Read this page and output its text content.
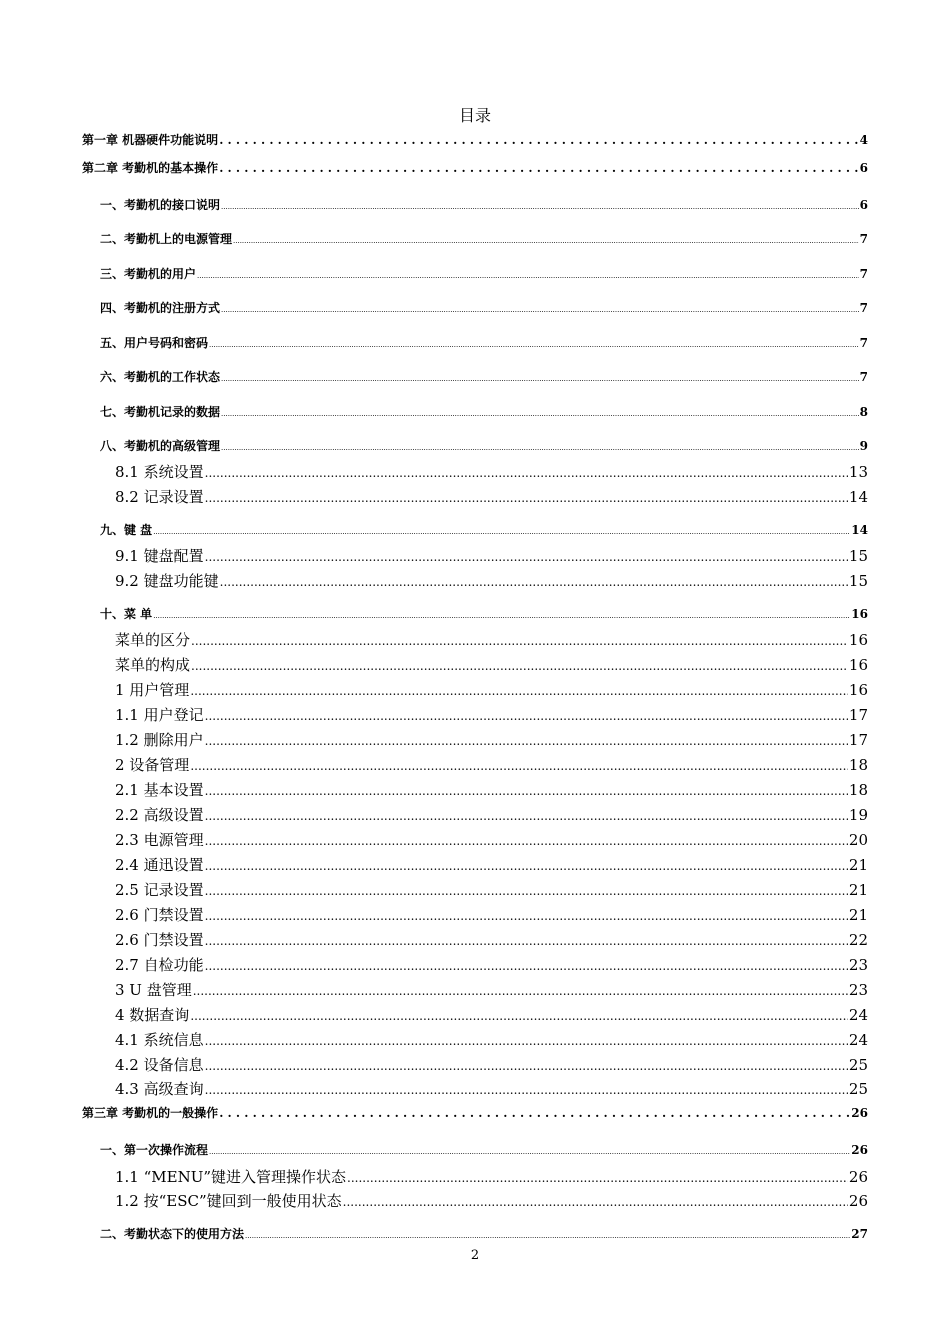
目录
第一章 机器硬件功能说明 . . .	4
第二章 考勤机的基本操作 . . .	6
一、考勤机的接口说明 .....	6
二、考勤机上的电源管理 .....	7
三、考勤机的用户 .....	7
四、考勤机的注册方式 .....	7
五、用户号码和密码 .....	7
六、考勤机的工作状态 .....	7
七、考勤机记录的数据 .....	8
八、考勤机的高级管理 .....	9
8.1 系统设置 .....	13
8.2 记录设置 .....	14
九、键 盘 .....	14
9.1 键盘配置 .....	15
9.2 键盘功能键 .....	15
十、菜 单 .....	16
菜单的区分 .....	16
菜单的构成 .....	16
1 用户管理 .....	16
1.1 用户登记 .....	17
1.2 删除用户 .....	17
2 设备管理 .....	18
2.1 基本设置 .....	18
2.2 高级设置 .....	19
2.3 电源管理 .....	20
2.4 通迅设置 .....	21
2.5 记录设置 .....	21
2.6 门禁设置 .....	21
2.6 门禁设置 .....	22
2.7 自检功能 .....	23
3 U 盘管理 .....	23
4 数据查询 .....	24
4.1 系统信息 .....	24
4.2 设备信息 .....	25
4.3 高级查询 .....	25
第三章 考勤机的一般操作 . . .	26
一、第一次操作流程 .....	26
1.1 “MENU”键进入管理操作状态 .....	26
1.2 按“ESC”键回到一般使用状态 .....	26
二、考勤状态下的使用方法 .....	27
2
